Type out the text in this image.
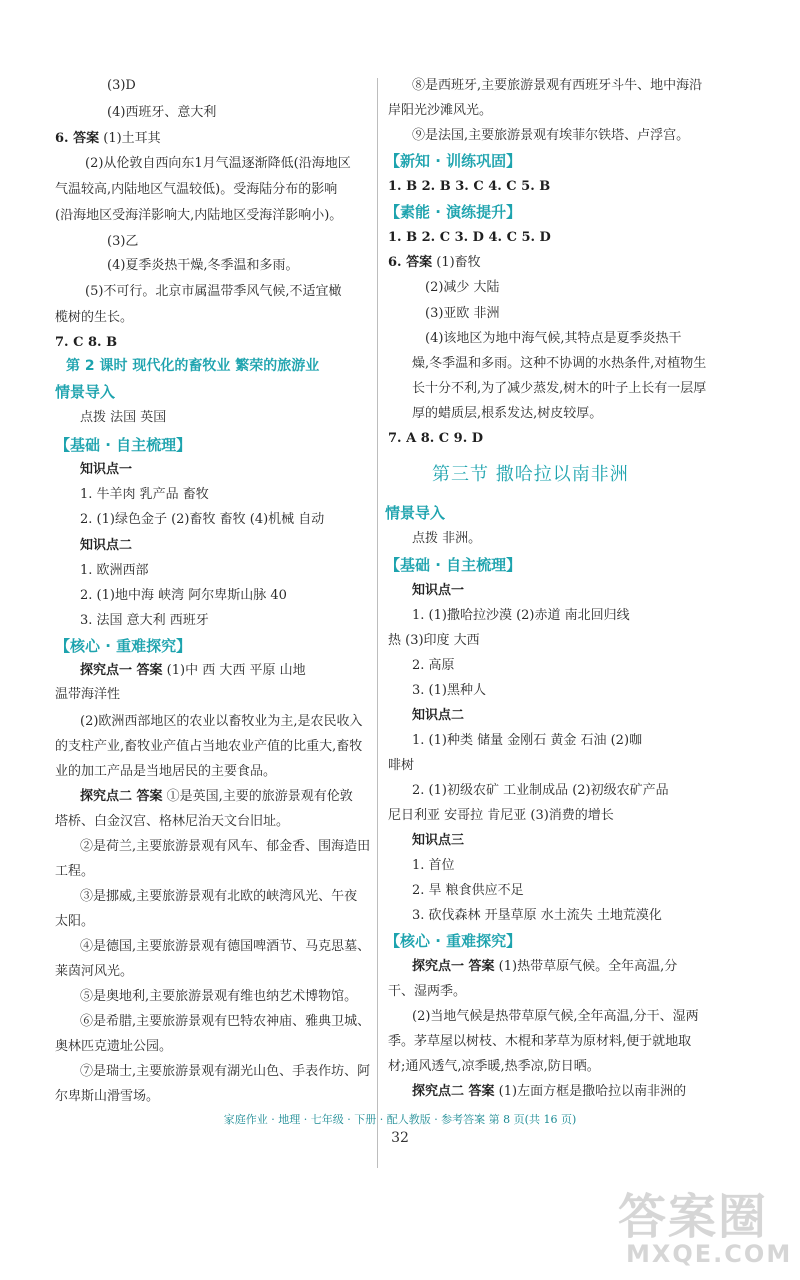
(3)D
(4)西班牙、意大利
6. 答案 (1)土耳其
(2)从伦敦自西向东1月气温逐渐降低(沿海地区
气温较高,内陆地区气温较低)。受海陆分布的影响
(沿海地区受海洋影响大,内陆地区受海洋影响小)。
(3)乙
(4)夏季炎热干燥,冬季温和多雨。
(5)不可行。北京市属温带季风气候,不适宜橄
榄树的生长。
7. C 8. B
第 2 课时 现代化的畜牧业 繁荣的旅游业
情景导入
点拨 法国 英国
【基础 · 自主梳理】
知识点一
1. 牛羊肉 乳产品 畜牧
2. (1)绿色金子 (2)畜牧 畜牧 (4)机械 自动
知识点二
1. 欧洲西部
2. (1)地中海 峡湾 阿尔卑斯山脉 40
3. 法国 意大利 西班牙
【核心 · 重难探究】
探究点一 答案 (1)中 西 大西 平原 山地
温带海洋性
(2)欧洲西部地区的农业以畜牧业为主,是农民收入
的支柱产业,畜牧业产值占当地农业产值的比重大,畜牧
业的加工产品是当地居民的主要食品。
探究点二 答案 ①是英国,主要的旅游景观有伦敦
塔桥、白金汉宫、格林尼治天文台旧址。
②是荷兰,主要旅游景观有风车、郁金香、围海造田
工程。
③是挪威,主要旅游景观有北欧的峡湾风光、午夜
太阳。
④是德国,主要旅游景观有德国啤酒节、马克思墓、
莱茵河风光。
⑤是奥地利,主要旅游景观有维也纳艺术博物馆。
⑥是希腊,主要旅游景观有巴特农神庙、雅典卫城、
奥林匹克遗址公园。
⑦是瑞士,主要旅游景观有湖光山色、手表作坊、阿
尔卑斯山滑雪场。
⑧是西班牙,主要旅游景观有西班牙斗牛、地中海沿
岸阳光沙滩风光。
⑨是法国,主要旅游景观有埃菲尔铁塔、卢浮宫。
【新知 · 训练巩固】
1. B 2. B 3. C 4. C 5. B
【素能 · 演练提升】
1. B 2. C 3. D 4. C 5. D
6. 答案 (1)畜牧
(2)减少 大陆
(3)亚欧 非洲
(4)该地区为地中海气候,其特点是夏季炎热干
燥,冬季温和多雨。这种不协调的水热条件,对植物生
长十分不利,为了减少蒸发,树木的叶子上长有一层厚
厚的蜡质层,根系发达,树皮较厚。
7. A 8. C 9. D
第三节 撒哈拉以南非洲
情景导入
点拨 非洲。
【基础 · 自主梳理】
知识点一
1. (1)撒哈拉沙漠 (2)赤道 南北回归线
热 (3)印度 大西
2. 高原
3. (1)黑种人
知识点二
1. (1)种类 储量 金刚石 黄金 石油 (2)咖
啡树
2. (1)初级农矿 工业制成品 (2)初级农矿产品
尼日利亚 安哥拉 肯尼亚 (3)消费的增长
知识点三
1. 首位
2. 旱 粮食供应不足
3. 砍伐森林 开垦草原 水土流失 土地荒漠化
【核心 · 重难探究】
探究点一 答案 (1)热带草原气候。全年高温,分
干、湿两季。
(2)当地气候是热带草原气候,全年高温,分干、湿两
季。茅草屋以树枝、木棍和茅草为原材料,便于就地取
材;通风透气,凉季暖,热季凉,防日晒。
探究点二 答案 (1)左面方框是撒哈拉以南非洲的
家庭作业 · 地理 · 七年级 · 下册 · 配人教版 · 参考答案 第 8 页(共 16 页)
32
答案圈
MXQE.COM
